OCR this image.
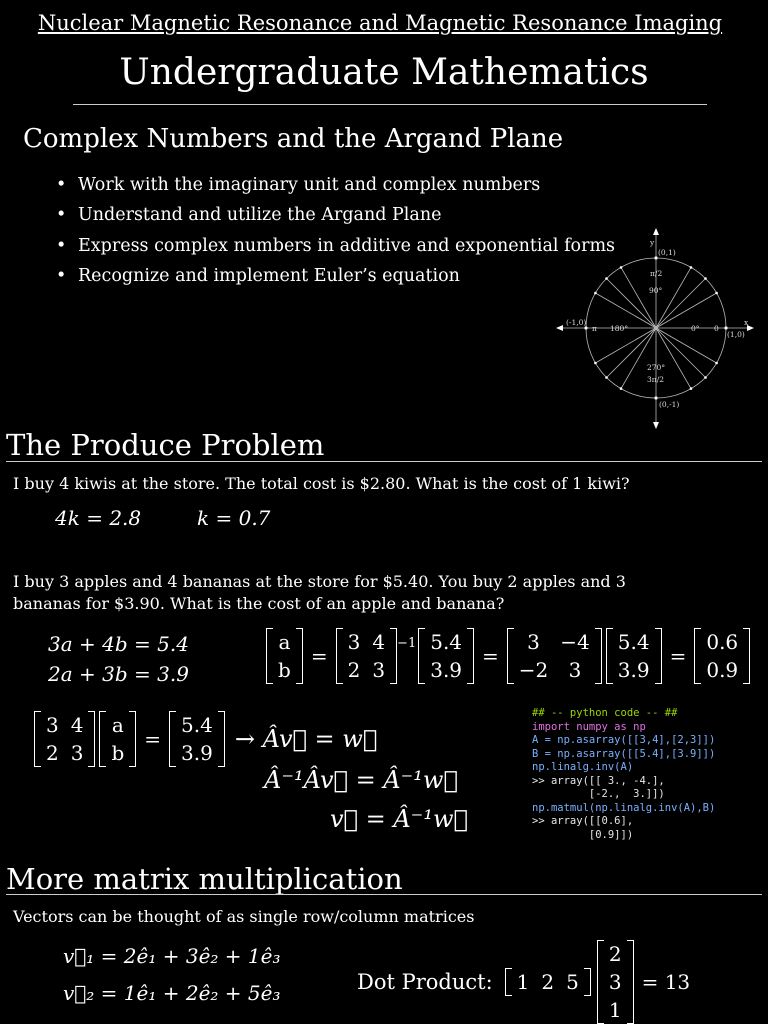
Nuclear Magnetic Resonance and Magnetic Resonance Imaging
Undergraduate Mathematics
Complex Numbers and the Argand Plane
• Work with the imaginary unit and complex numbers
• Understand and utilize the Argand Plane
• Express complex numbers in additive and exponential forms
• Recognize and implement Euler’s equation
y
x
(0,1)
(0,-1)
(-1,0)
(1,0)
π 180°	0° 0
90°
270°
π/2
3π/2
The Produce Problem
I buy 4 kiwis at the store. The total cost is $2.80. What is the cost of 1 kiwi?
4k = 2.8	k = 0.7
I buy 3 apples and 4 bananas at the store for $5.40. You buy 2 apples and 3
bananas for $3.90. What is the cost of an apple and banana?
3a + 4b = 5.4
2a + 3b = 3.9
a
b
=
3	4
2	3
$^{-1}$ 5.4
3.9
=
3	−4
−2	3
5.4
3.9
=
0.6
0.9
3	4
2	3
a
b
=
5.4
3.9 → Âv⃗ = w⃗
Â⁻¹Âv⃗ = Â⁻¹w⃗
v⃗ = Â⁻¹w⃗
## -- python code -- ##
import numpy as np
A = np.asarray([[3,4],[2,3]])
B = np.asarray([[5.4],[3.9]])
np.linalg.inv(A)
>> array([[ 3., -4.],
[-2.,  3.]])
np.matmul(np.linalg.inv(A),B)
>> array([[0.6],
[0.9]])
More matrix multiplication
Vectors can be thought of as single row/column matrices
v⃗₁ = 2ê₁ + 3ê₂ + 1ê₃
v⃗₂ = 1ê₁ + 2ê₂ + 5ê₃	Dot Product:	1	2	5
2
3
1
= 13
